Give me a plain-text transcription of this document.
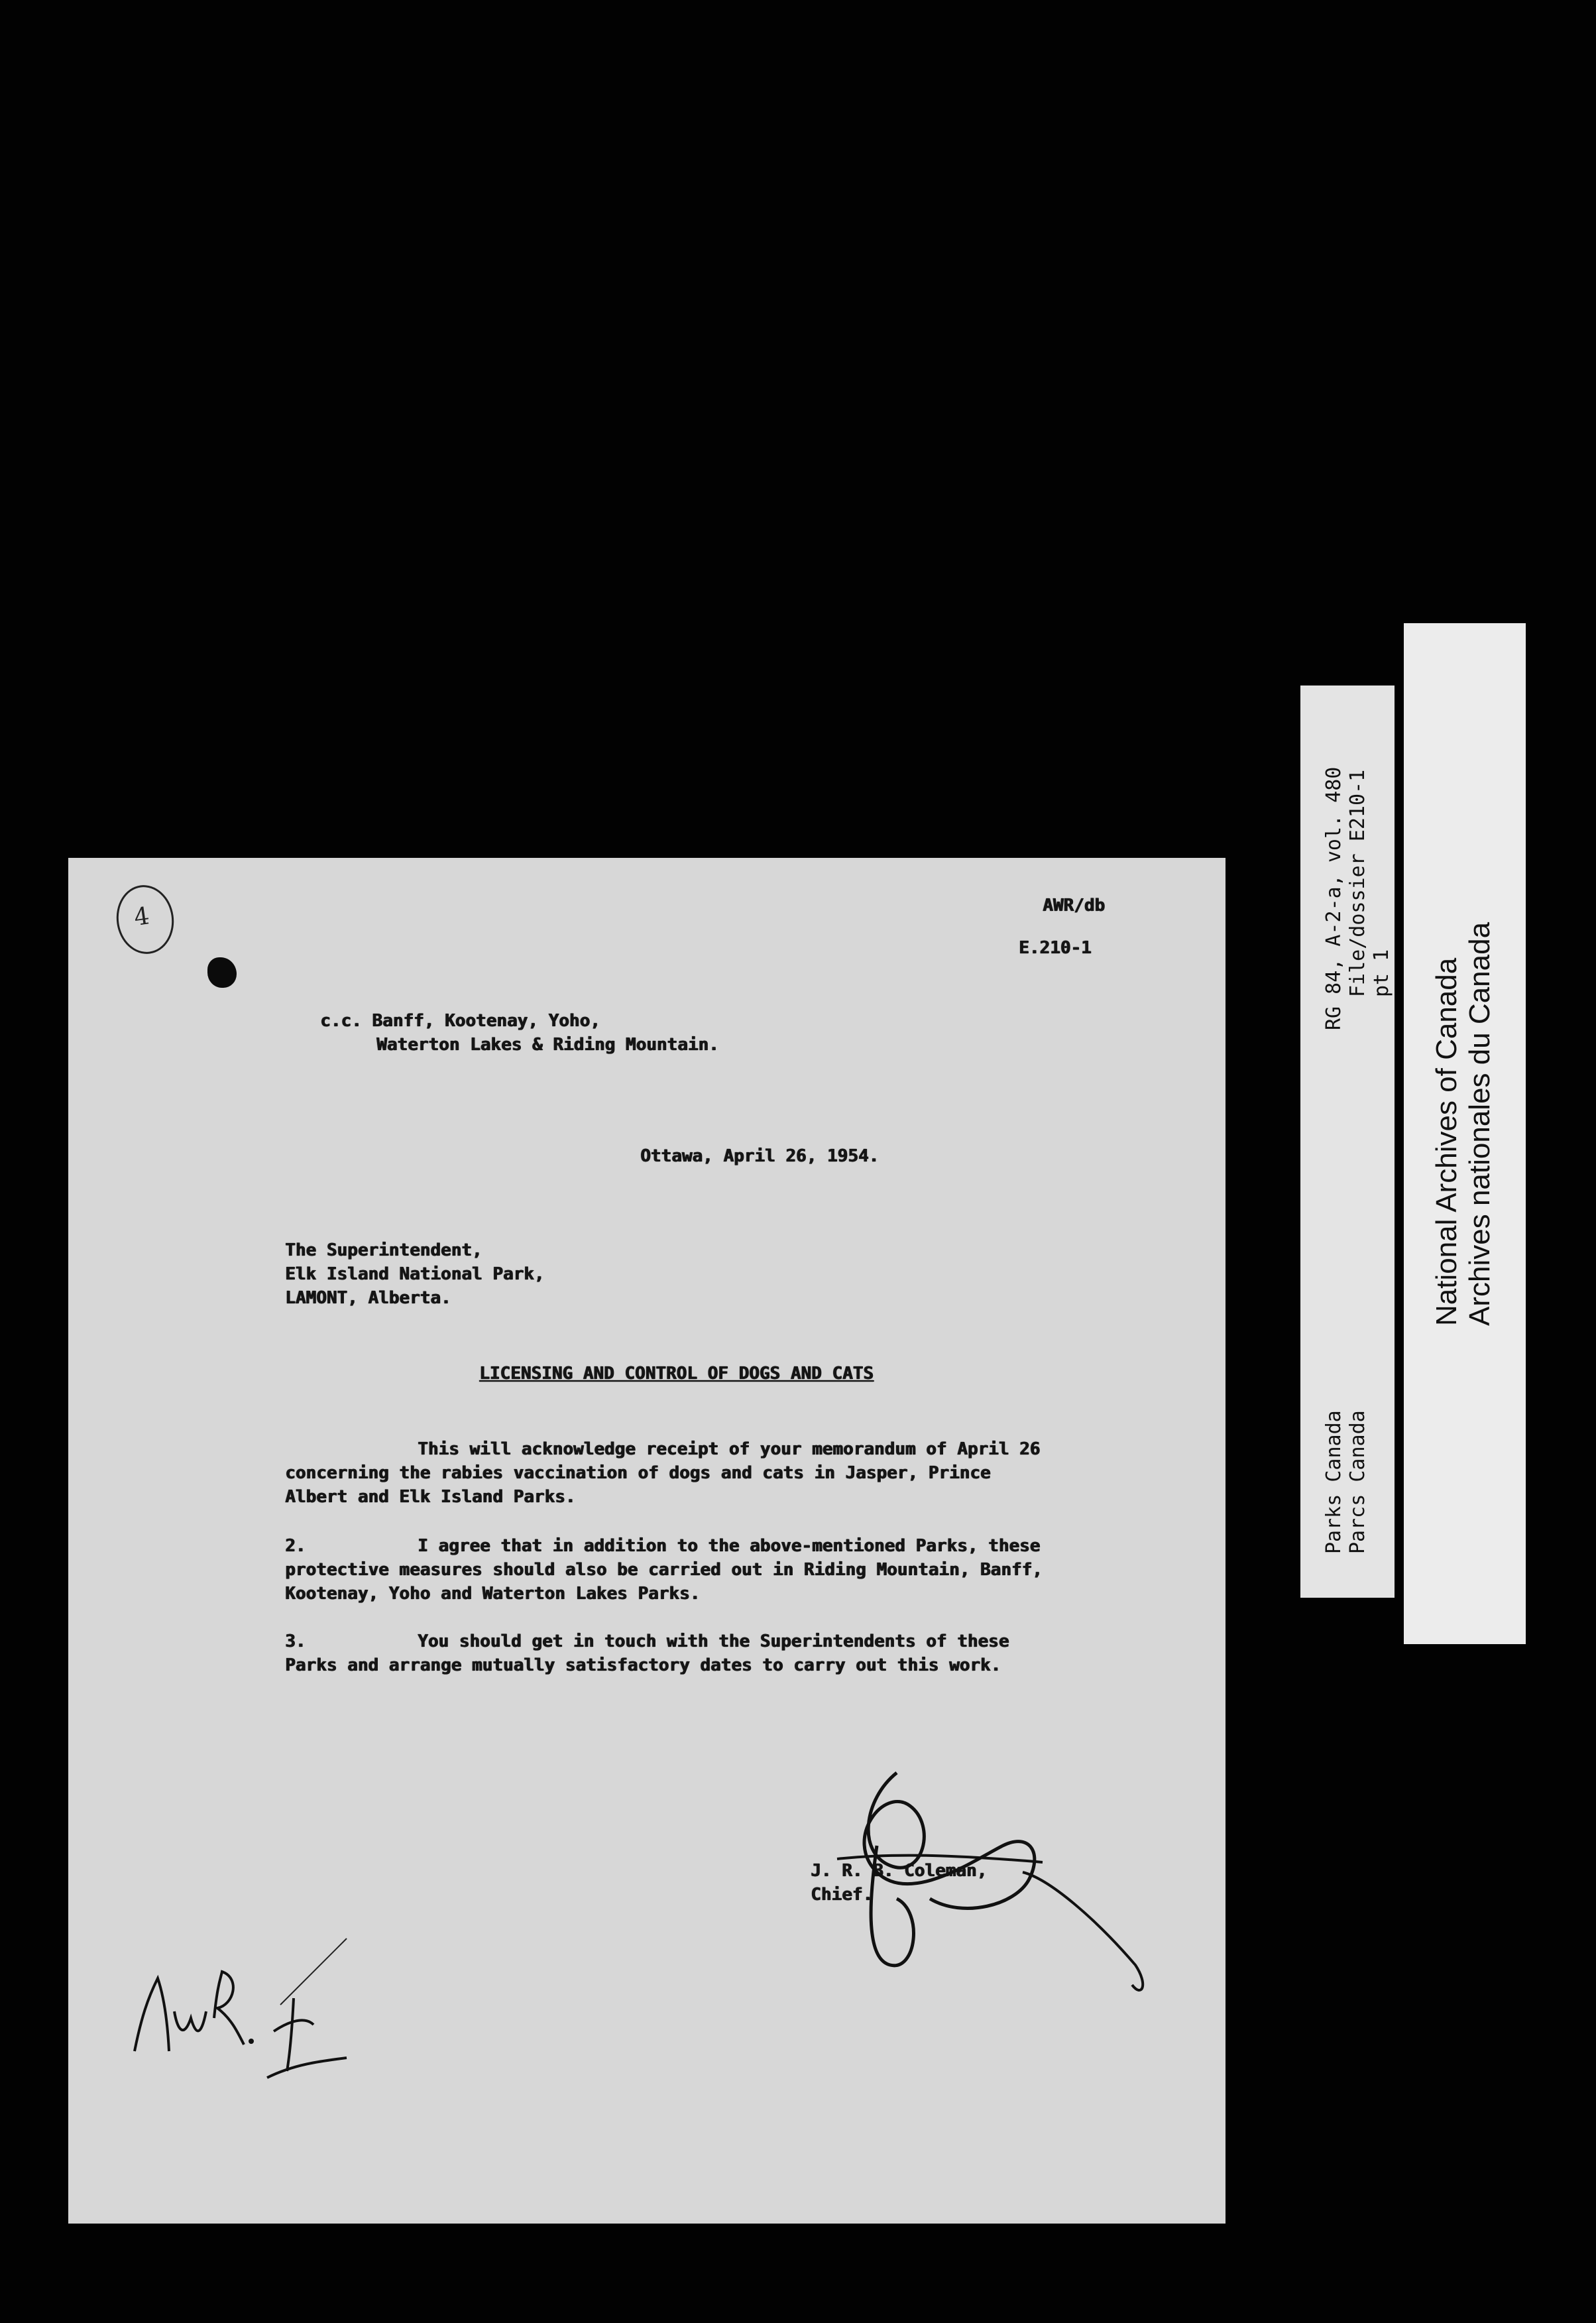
4	AWR/db
E.210-1
c.c. Banff, Kootenay, Yoho,
Waterton Lakes & Riding Mountain.
Ottawa, April 26, 1954.
The Superintendent,
Elk Island National Park,
LAMONT, Alberta.
LICENSING AND CONTROL OF DOGS AND CATS
This will acknowledge receipt of your memorandum of April 26 concerning the rabies vaccination of dogs and cats in Jasper, Prince Albert and Elk Island Parks.
2.	I agree that in addition to the above-mentioned Parks, these protective measures should also be carried out in Riding Mountain, Banff, Kootenay, Yoho and Waterton Lakes Parks.
3.	You should get in touch with the Superintendents of these Parks and arrange mutually satisfactory dates to carry out this work.
J. R. B. Coleman,
Chief.
RG 84, A-2-a, vol. 480 File/dossier E210-1 pt 1
Parks Canada Parcs Canada
National Archives of Canada Archives nationales du Canada
